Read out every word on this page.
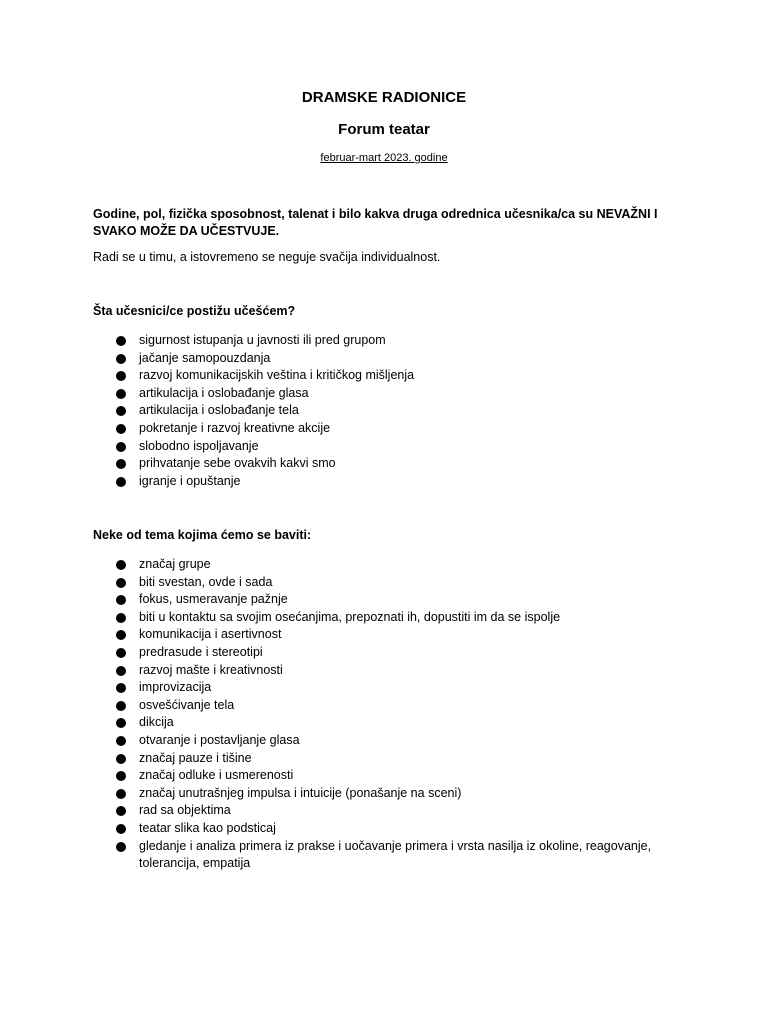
DRAMSKE RADIONICE
Forum teatar
februar-mart 2023. godine
Godine, pol, fizička sposobnost, talenat i bilo kakva druga odrednica učesnika/ca su NEVAŽNI I SVAKO MOŽE DA UČESTVUJE.
Radi se u timu, a istovremeno se neguje svačija individualnost.
Šta učesnici/ce postižu učešćem?
sigurnost istupanja u javnosti ili pred grupom
jačanje samopouzdanja
razvoj komunikacijskih veština i kritičkog mišljenja
artikulacija i oslobađanje glasa
artikulacija i oslobađanje tela
pokretanje i razvoj kreativne akcije
slobodno ispoljavanje
prihvatanje sebe ovakvih kakvi smo
igranje i opuštanje
Neke od tema kojima ćemo se baviti:
značaj grupe
biti svestan, ovde i sada
fokus, usmeravanje pažnje
biti u kontaktu sa svojim osećanjima, prepoznati ih, dopustiti im da se ispolje
komunikacija i asertivnost
predrasude i stereotipi
razvoj mašte i kreativnosti
improvizacija
osvešćivanje tela
dikcija
otvaranje i postavljanje glasa
značaj pauze i tišine
značaj odluke i usmerenosti
značaj unutrašnjeg impulsa i intuicije (ponašanje na sceni)
rad sa objektima
teatar slika kao podsticaj
gledanje i analiza primera iz prakse i uočavanje primera i vrsta nasilja iz okoline, reagovanje, tolerancija, empatija
